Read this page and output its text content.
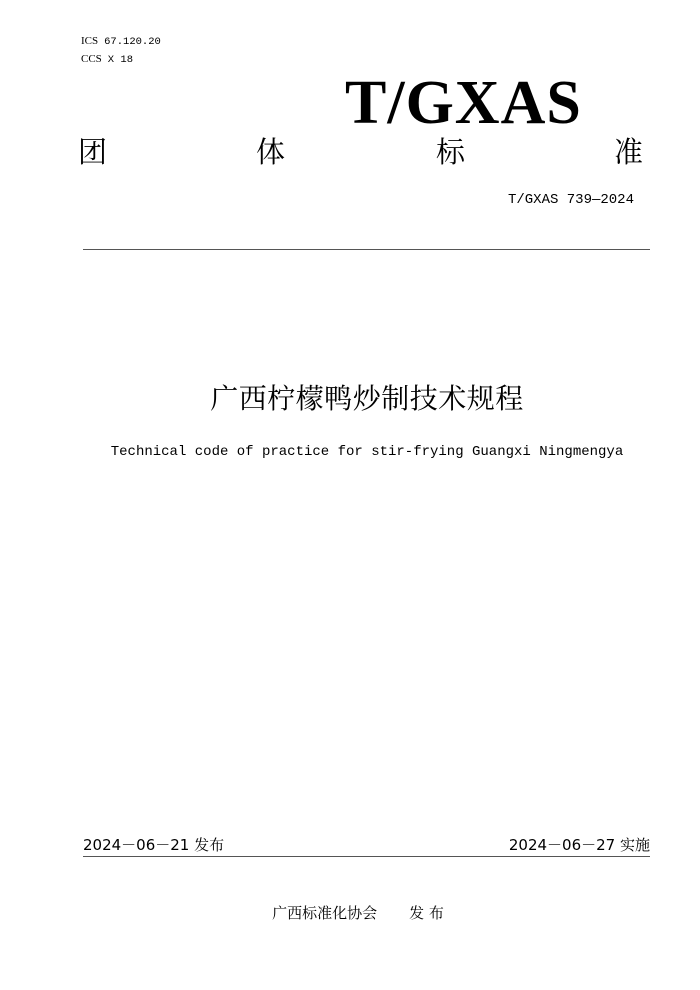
ICS 67.120.20
CCS X 18
T/GXAS
团	体	标	准
T/GXAS 739—2024
广西柠檬鸭炒制技术规程
Technical code of practice for stir-frying Guangxi Ningmengya
2024－06－21 发布	2024－06－27 实施
广西标准化协会 发 布
